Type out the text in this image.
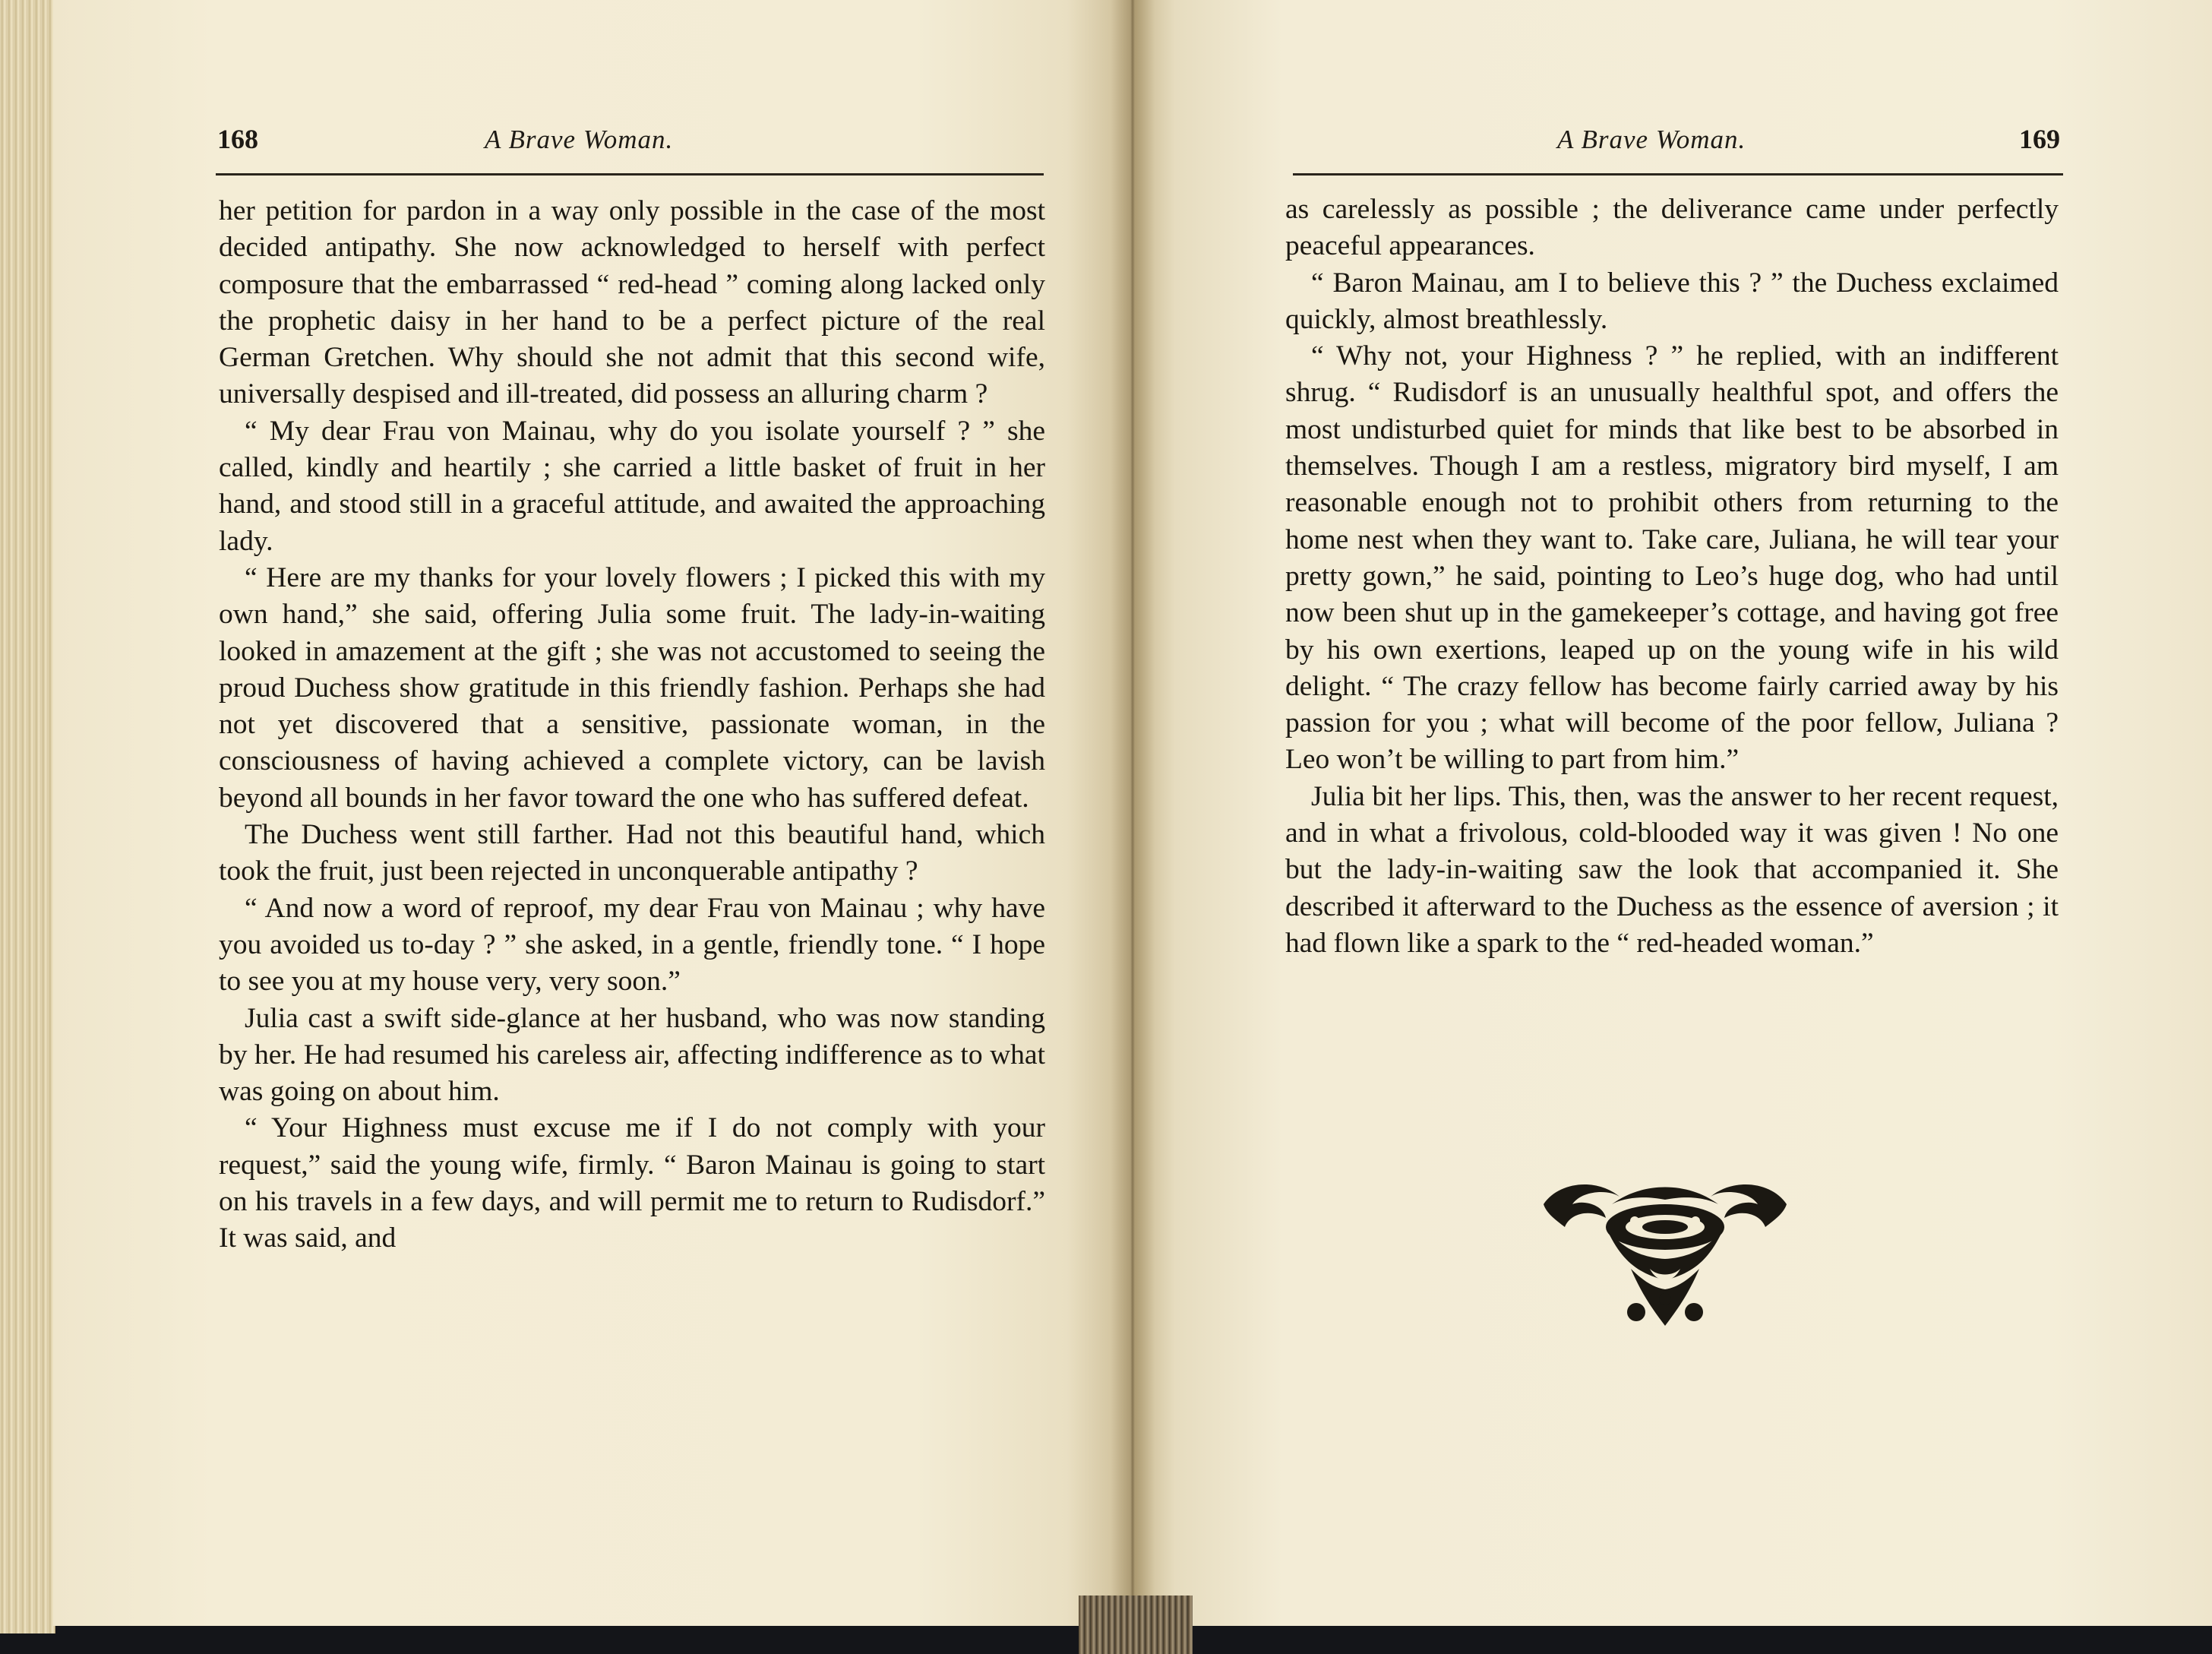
168	A Brave Woman.

her petition for pardon in a way only possible in the case of the most decided antipathy. She now acknowledged to herself with perfect composure that the embarrassed “ red-head ” coming along lacked only the prophetic daisy in her hand to be a perfect picture of the real German Gretchen. Why should she not admit that this second wife, universally despised and ill-treated, did possess an alluring charm ?

“ My dear Frau von Mainau, why do you isolate yourself ? ” she called, kindly and heartily ; she carried a little basket of fruit in her hand, and stood still in a graceful attitude, and awaited the approaching lady.

“ Here are my thanks for your lovely flowers ; I picked this with my own hand,” she said, offering Julia some fruit. The lady-in-waiting looked in amazement at the gift ; she was not accustomed to seeing the proud Duchess show gratitude in this friendly fashion. Perhaps she had not yet discovered that a sensitive, passionate woman, in the consciousness of having achieved a complete victory, can be lavish beyond all bounds in her favor toward the one who has suffered defeat.

The Duchess went still farther. Had not this beautiful hand, which took the fruit, just been rejected in unconquerable antipathy ?

“ And now a word of reproof, my dear Frau von Mainau ; why have you avoided us to-day ? ” she asked, in a gentle, friendly tone. “ I hope to see you at my house very, very soon.”

Julia cast a swift side-glance at her husband, who was now standing by her. He had resumed his careless air, affecting indifference as to what was going on about him.

“ Your Highness must excuse me if I do not comply with your request,” said the young wife, firmly. “ Baron Mainau is going to start on his travels in a few days, and will permit me to return to Rudisdorf.” It was said, and

A Brave Woman.	169

as carelessly as possible ; the deliverance came under perfectly peaceful appearances.

“ Baron Mainau, am I to believe this ? ” the Duchess exclaimed quickly, almost breathlessly.

“ Why not, your Highness ? ” he replied, with an indifferent shrug. “ Rudisdorf is an unusually healthful spot, and offers the most undisturbed quiet for minds that like best to be absorbed in themselves. Though I am a restless, migratory bird myself, I am reasonable enough not to prohibit others from returning to the home nest when they want to. Take care, Juliana, he will tear your pretty gown,” he said, pointing to Leo’s huge dog, who had until now been shut up in the gamekeeper’s cottage, and having got free by his own exertions, leaped up on the young wife in his wild delight. “ The crazy fellow has become fairly carried away by his passion for you ; what will become of the poor fellow, Juliana ? Leo won’t be willing to part from him.”

Julia bit her lips. This, then, was the answer to her recent request, and in what a frivolous, cold-blooded way it was given ! No one but the lady-in-waiting saw the look that accompanied it. She described it afterward to the Duchess as the essence of aversion ; it had flown like a spark to the “ red-headed woman.”
